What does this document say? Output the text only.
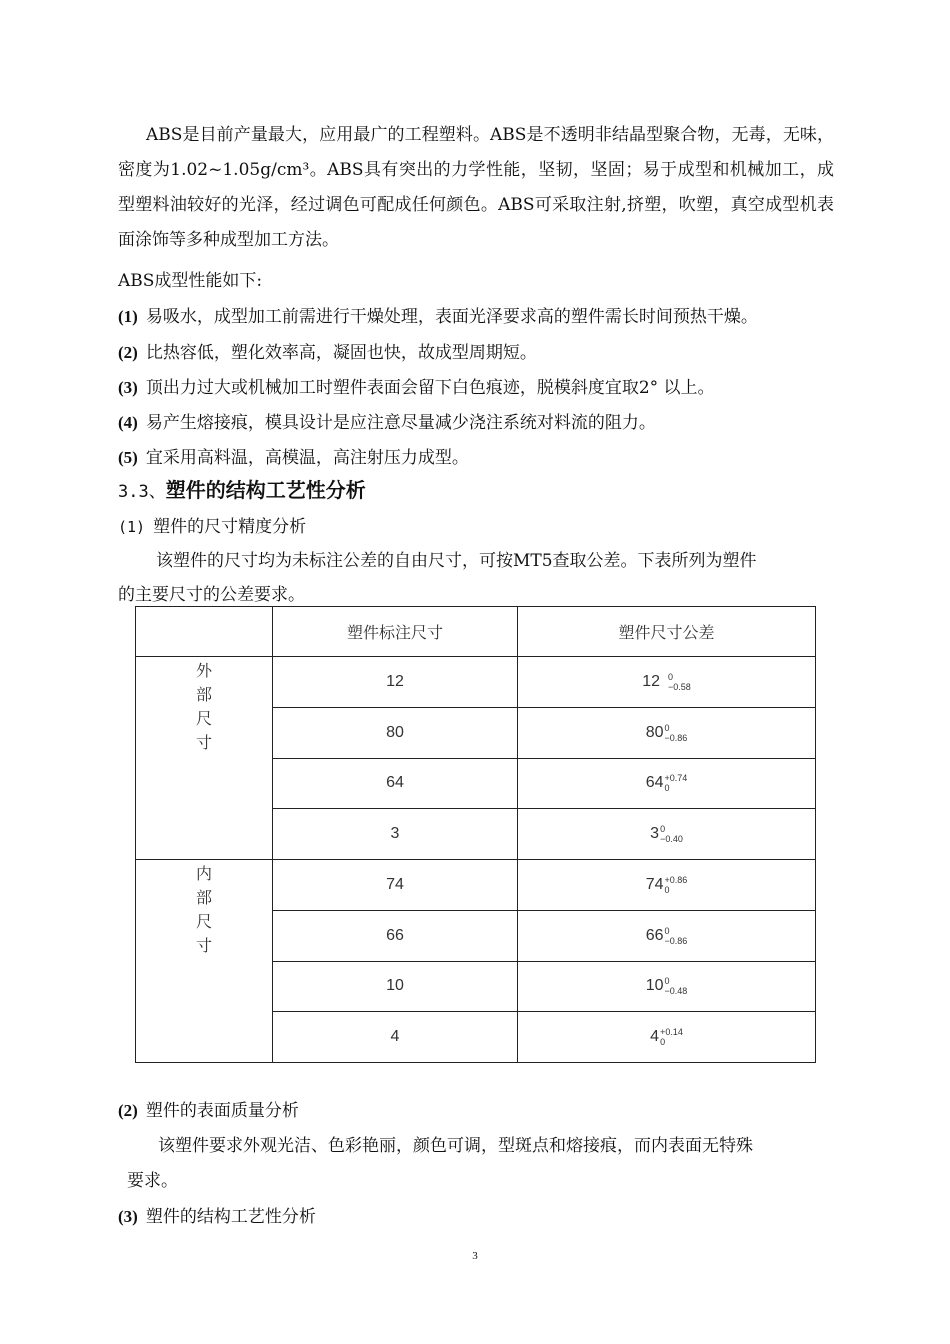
ABS是目前产量最大，应用最广的工程塑料。ABS是不透明非结晶型聚合物，无毒，无味，密度为1.02~1.05g/cm³。ABS具有突出的力学性能，坚韧，坚固；易于成型和机械加工，成型塑料油较好的光泽，经过调色可配成任何颜色。ABS可采取注射,挤塑，吹塑，真空成型机表面涂饰等多种成型加工方法。
ABS成型性能如下:
(1) 易吸水，成型加工前需进行干燥处理，表面光泽要求高的塑件需长时间预热干燥。
(2) 比热容低，塑化效率高，凝固也快，故成型周期短。
(3) 顶出力过大或机械加工时塑件表面会留下白色痕迹，脱模斜度宜取2° 以上。
(4) 易产生熔接痕，模具设计是应注意尽量减少浇注系统对料流的阻力。
(5) 宜采用高料温，高模温，高注射压力成型。
3.3、塑件的结构工艺性分析
(1) 塑件的尺寸精度分析
该塑件的尺寸均为未标注公差的自由尺寸，可按MT5查取公差。下表所列为塑件
的主要尺寸的公差要求。
	塑件标注尺寸	塑件尺寸公差
外部尺寸	12	12 0
−0.58

	80	80 0
−0.86

	64	64 +0.74
0

	3	3 0
−0.40

内部尺寸	74	74 +0.86
0

	66	66 0
−0.86

	10	10 0
−0.48

	4	4 +0.14
0
(2) 塑件的表面质量分析
该塑件要求外观光洁、色彩艳丽，颜色可调，型斑点和熔接痕，而内表面无特殊
要求。
(3) 塑件的结构工艺性分析
3
